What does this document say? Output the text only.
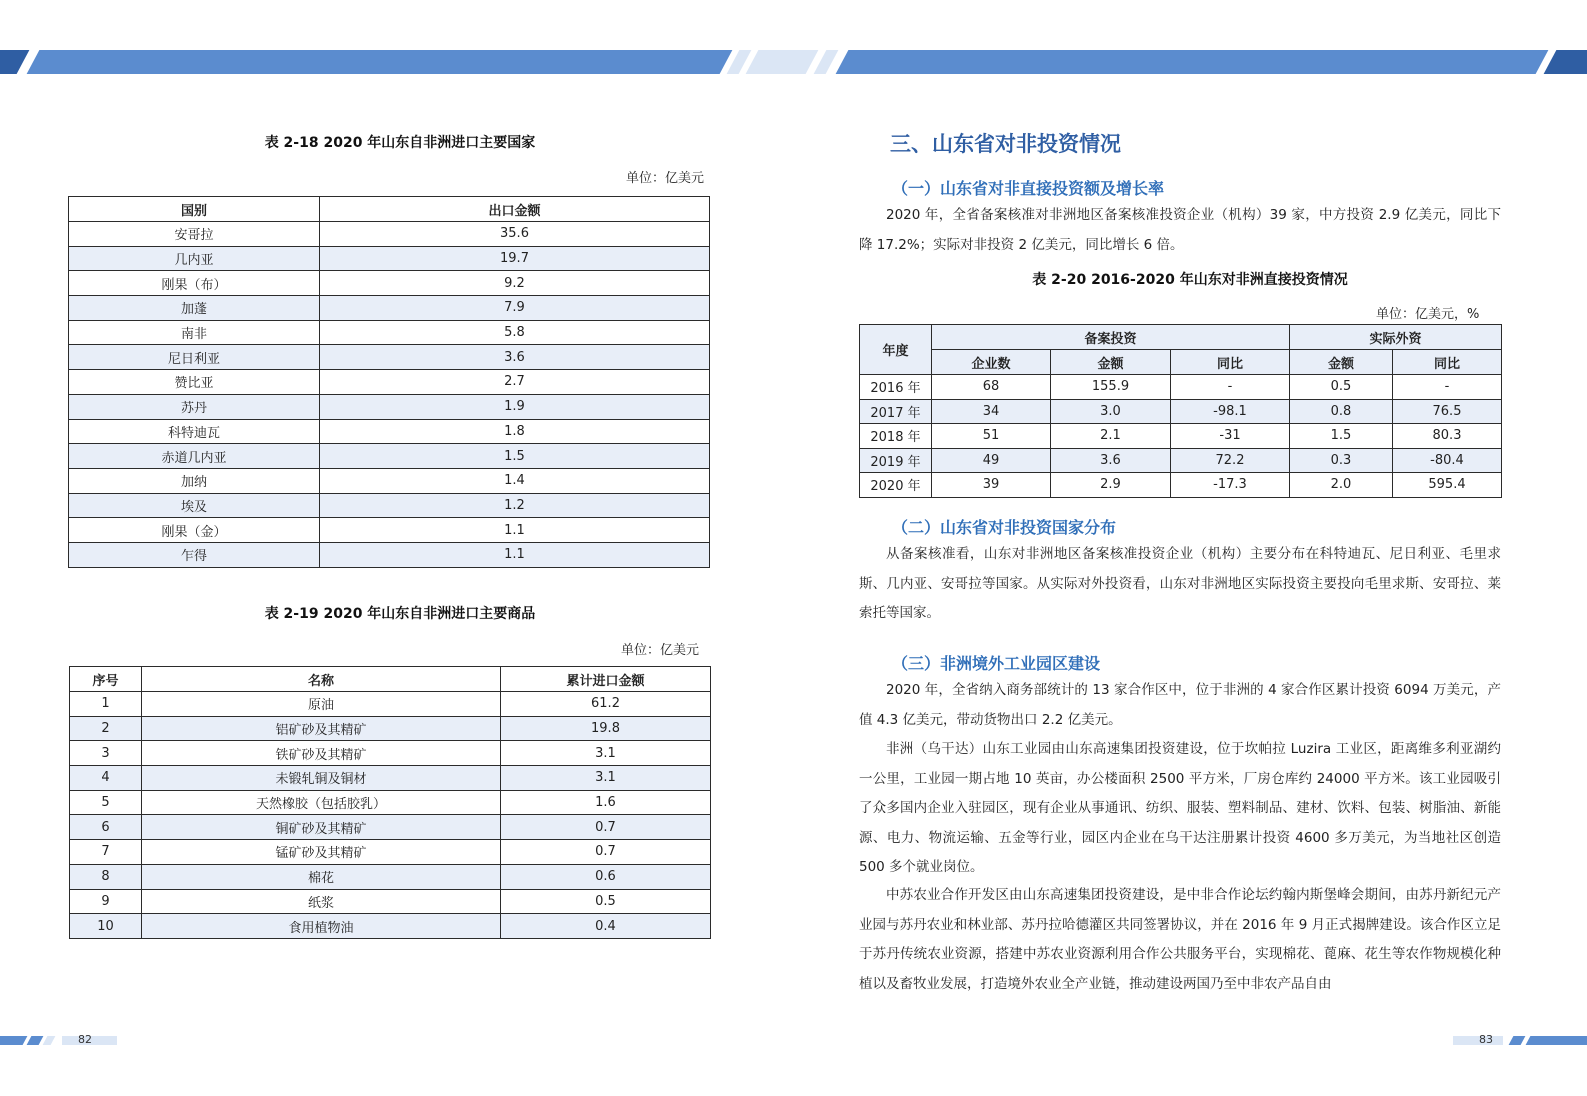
表 2-18 2020 年山东自非洲进口主要国家
单位：亿美元
国别	出口金额
安哥拉	35.6
几内亚	19.7
刚果（布）	9.2
加蓬	7.9
南非	5.8
尼日利亚	3.6
赞比亚	2.7
苏丹	1.9
科特迪瓦	1.8
赤道几内亚	1.5
加纳	1.4
埃及	1.2
刚果（金）	1.1
乍得	1.1
表 2-19 2020 年山东自非洲进口主要商品
单位：亿美元
序号	名称	累计进口金额
1	原油	61.2
2	铝矿砂及其精矿	19.8
3	铁矿砂及其精矿	3.1
4	未锻轧铜及铜材	3.1
5	天然橡胶（包括胶乳）	1.6
6	铜矿砂及其精矿	0.7
7	锰矿砂及其精矿	0.7
8	棉花	0.6
9	纸浆	0.5
10	食用植物油	0.4
82
三、山东省对非投资情况
（一）山东省对非直接投资额及增长率

2020 年，全省备案核准对非洲地区备案核准投资企业（机构）39 家，中方投资 2.9 亿美元，同比下降 17.2%；实际对非投资 2 亿美元，同比增长 6 倍。

表 2-20 2016-2020 年山东对非洲直接投资情况
单位：亿美元，%
年度	备案投资			实际外资	
	企业数	金额	同比	金额	同比
2016 年	68	155.9	-	0.5	-
2017 年	34	3.0	-98.1	0.8	76.5
2018 年	51	2.1	-31	1.5	80.3
2019 年	49	3.6	72.2	0.3	-80.4
2020 年	39	2.9	-17.3	2.0	595.4
（二）山东省对非投资国家分布

从备案核准看，山东对非洲地区备案核准投资企业（机构）主要分布在科特迪瓦、尼日利亚、毛里求斯、几内亚、安哥拉等国家。从实际对外投资看，山东对非洲地区实际投资主要投向毛里求斯、安哥拉、莱索托等国家。

（三）非洲境外工业园区建设

2020 年，全省纳入商务部统计的 13 家合作区中，位于非洲的 4 家合作区累计投资 6094 万美元，产值 4.3 亿美元，带动货物出口 2.2 亿美元。

非洲（乌干达）山东工业园由山东高速集团投资建设，位于坎帕拉 Luzira 工业区，距离维多利亚湖约一公里，工业园一期占地 10 英亩，办公楼面积 2500 平方米，厂房仓库约 24000 平方米。该工业园吸引了众多国内企业入驻园区，现有企业从事通讯、纺织、服装、塑料制品、建材、饮料、包装、树脂油、新能源、电力、物流运输、五金等行业，园区内企业在乌干达注册累计投资 4600 多万美元，为当地社区创造 500 多个就业岗位。

中苏农业合作开发区由山东高速集团投资建设，是中非合作论坛约翰内斯堡峰会期间，由苏丹新纪元产业园与苏丹农业和林业部、苏丹拉哈德灌区共同签署协议，并在 2016 年 9 月正式揭牌建设。该合作区立足于苏丹传统农业资源，搭建中苏农业资源利用合作公共服务平台，实现棉花、蓖麻、花生等农作物规模化种植以及畜牧业发展，打造境外农业全产业链，推动建设两国乃至中非农产品自由

83
